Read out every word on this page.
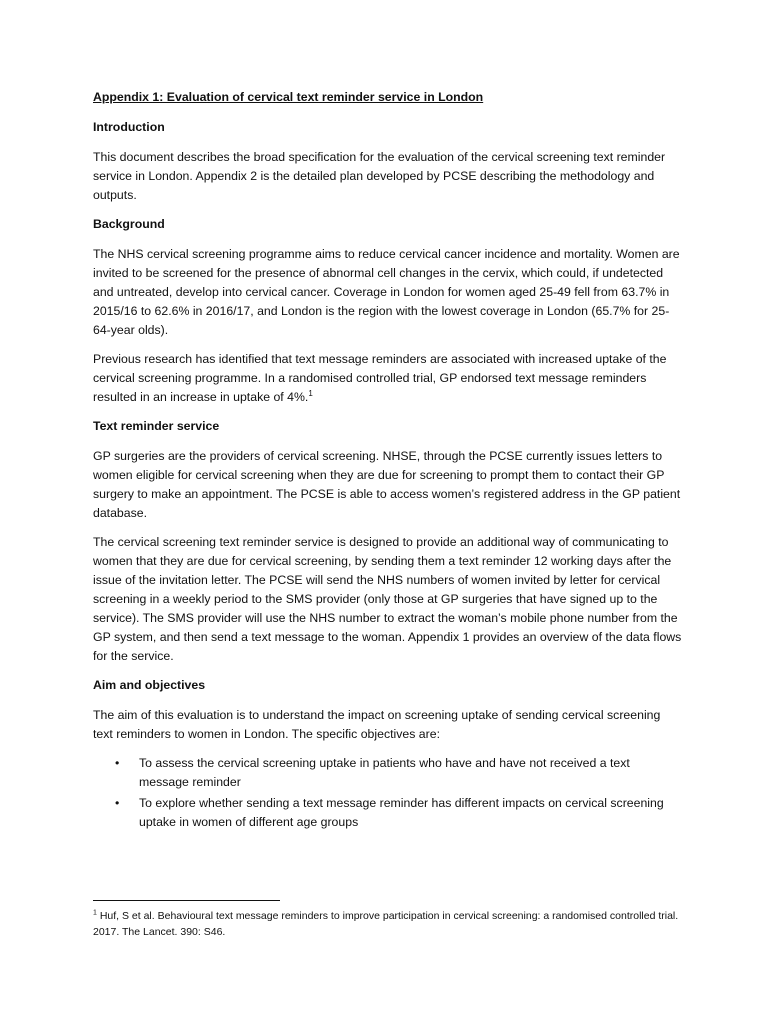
Appendix 1: Evaluation of cervical text reminder service in London
Introduction

This document describes the broad specification for the evaluation of the cervical screening text reminder service in London. Appendix 2 is the detailed plan developed by PCSE describing the methodology and outputs.

Background

The NHS cervical screening programme aims to reduce cervical cancer incidence and mortality. Women are invited to be screened for the presence of abnormal cell changes in the cervix, which could, if undetected and untreated, develop into cervical cancer. Coverage in London for women aged 25-49 fell from 63.7% in 2015/16 to 62.6% in 2016/17, and London is the region with the lowest coverage in London (65.7% for 25-64-year olds).

Previous research has identified that text message reminders are associated with increased uptake of the cervical screening programme. In a randomised controlled trial, GP endorsed text message reminders resulted in an increase in uptake of 4%.$^1$

Text reminder service

GP surgeries are the providers of cervical screening. NHSE, through the PCSE currently issues letters to women eligible for cervical screening when they are due for screening to prompt them to contact their GP surgery to make an appointment. The PCSE is able to access women’s registered address in the GP patient database.

The cervical screening text reminder service is designed to provide an additional way of communicating to women that they are due for cervical screening, by sending them a text reminder 12 working days after the issue of the invitation letter. The PCSE will send the NHS numbers of women invited by letter for cervical screening in a weekly period to the SMS provider (only those at GP surgeries that have signed up to the service). The SMS provider will use the NHS number to extract the woman’s mobile phone number from the GP system, and then send a text message to the woman. Appendix 1 provides an overview of the data flows for the service.

Aim and objectives

The aim of this evaluation is to understand the impact on screening uptake of sending cervical screening text reminders to women in London. The specific objectives are:

• To assess the cervical screening uptake in patients who have and have not received a text message reminder
• To explore whether sending a text message reminder has different impacts on cervical screening uptake in women of different age groups
$^1$ Huf, S et al. Behavioural text message reminders to improve participation in cervical screening: a randomised controlled trial. 2017. The Lancet. 390: S46.
